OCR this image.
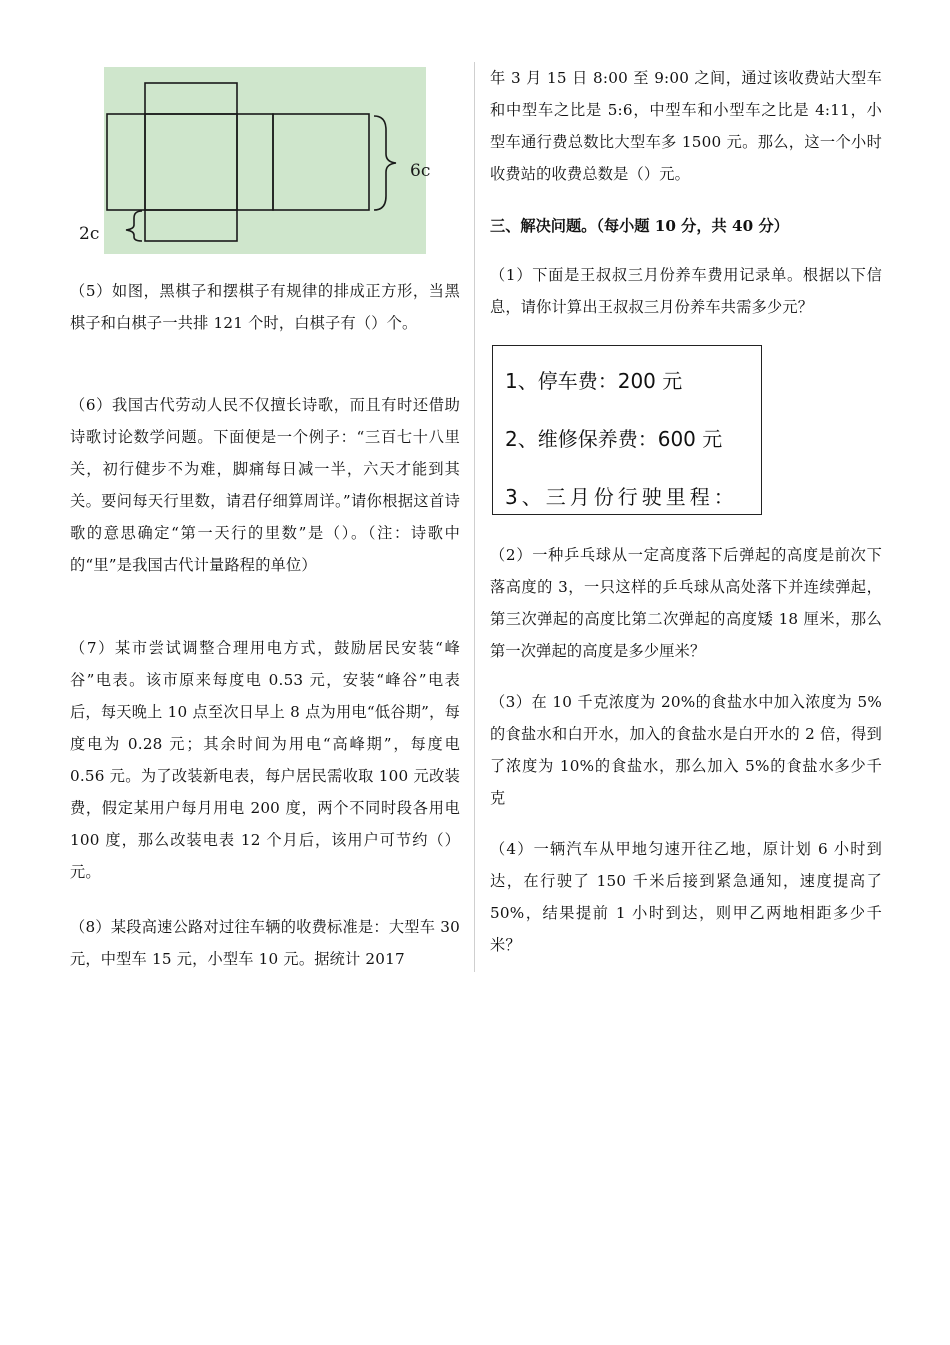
6c
2c

（5）如图，黑棋子和摆棋子有规律的排成正方形，当黑棋子和白棋子一共排 121 个时，白棋子有（）个。

（6）我国古代劳动人民不仅擅长诗歌，而且有时还借助诗歌讨论数学问题。下面便是一个例子：“三百七十八里关，初行健步不为难，脚痛每日减一半，六天才能到其关。要问每天行里数，请君仔细算周详。”请你根据这首诗歌的意思确定“第一天行的里数”是（）。（注：诗歌中的“里”是我国古代计量路程的单位）

（7）某市尝试调整合理用电方式，鼓励居民安装“峰谷”电表。该市原来每度电 0.53 元，安装“峰谷”电表后，每天晚上 10 点至次日早上 8 点为用电“低谷期”，每度电为 0.28 元；其余时间为用电“高峰期”，每度电 0.56 元。为了改装新电表，每户居民需收取 100 元改装费，假定某用户每月用电 200 度，两个不同时段各用电 100 度，那么改装电表 12 个月后，该用户可节约（）元。

（8）某段高速公路对过往车辆的收费标准是：大型车 30 元，中型车 15 元，小型车 10 元。据统计 2017

年 3 月 15 日 8:00 至 9:00 之间，通过该收费站大型车和中型车之比是 5:6，中型车和小型车之比是 4:11，小型车通行费总数比大型车多 1500 元。那么，这一个小时收费站的收费总数是（）元。

三、解决问题。（每小题 10 分，共 40 分）

（1）下面是王叔叔三月份养车费用记录单。根据以下信息，请你计算出王叔叔三月份养车共需多少元？

1、停车费：200 元
2、维修保养费：600 元
3、三月份行驶里程：

（2）一种乒乓球从一定高度落下后弹起的高度是前次下落高度的 3，一只这样的乒乓球从高处落下并连续弹起，第三次弹起的高度比第二次弹起的高度矮 18 厘米，那么第一次弹起的高度是多少厘米？

（3）在 10 千克浓度为 20%的食盐水中加入浓度为 5%的食盐水和白开水，加入的食盐水是白开水的 2 倍，得到了浓度为 10%的食盐水，那么加入 5%的食盐水多少千克

（4）一辆汽车从甲地匀速开往乙地，原计划 6 小时到达，在行驶了 150 千米后接到紧急通知，速度提高了 50%，结果提前 1 小时到达，则甲乙两地相距多少千米？
